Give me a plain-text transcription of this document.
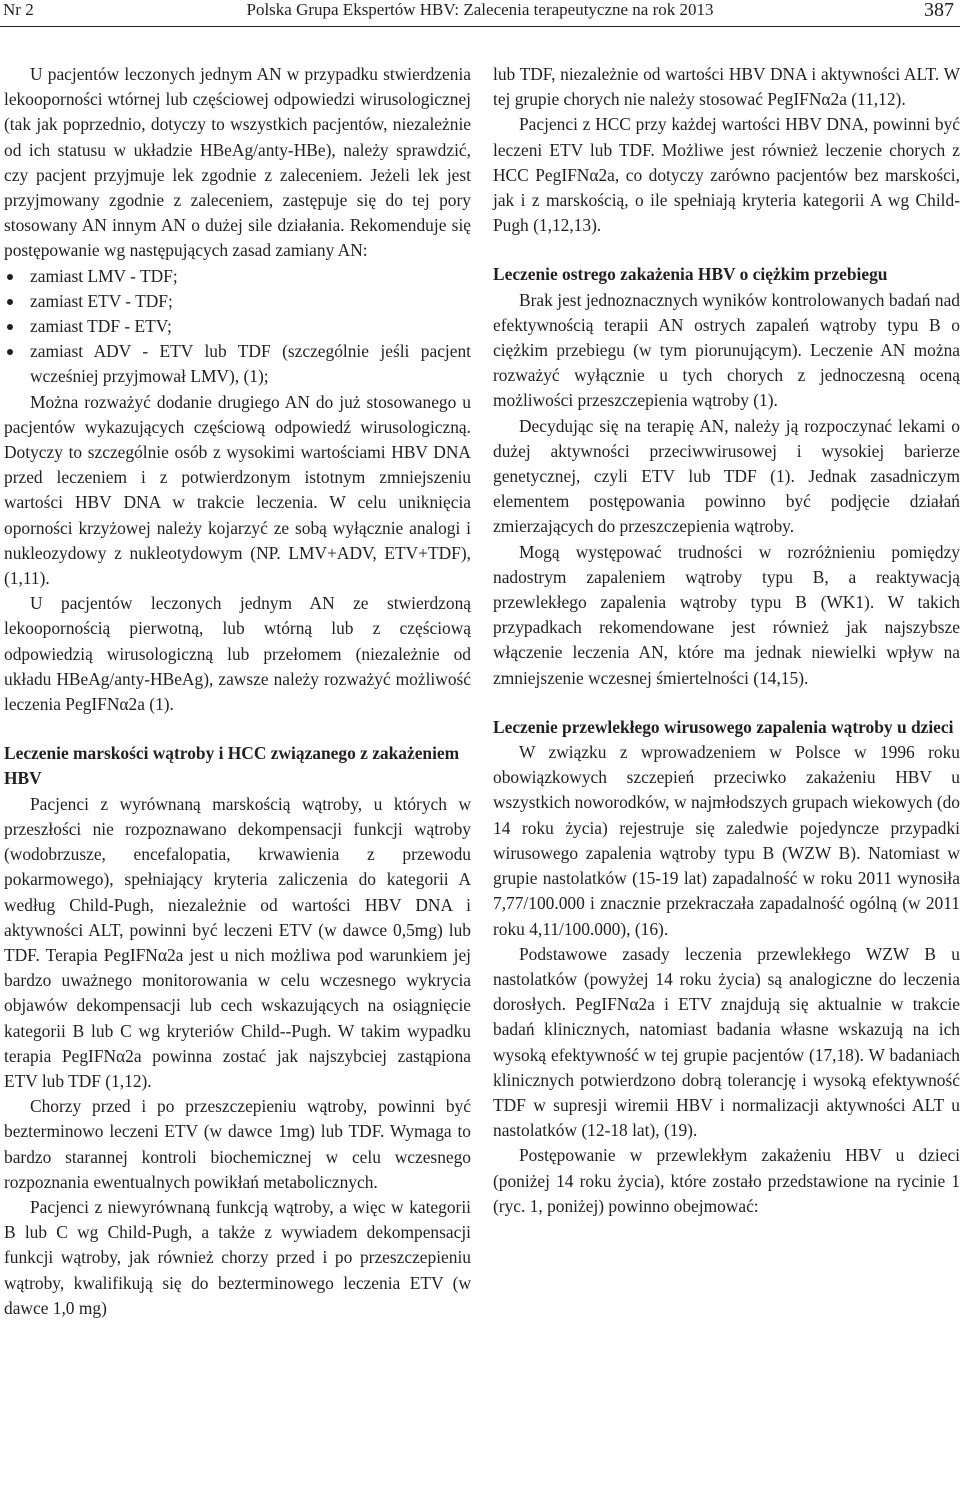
Nr 2	Polska Grupa Ekspertów HBV: Zalecenia terapeutyczne na rok 2013	387

U pacjentów leczonych jednym AN w przypadku stwierdzenia lekooporności wtórnej lub częściowej odpowiedzi wirusologicznej (tak jak poprzednio, dotyczy to wszystkich pacjentów, niezależnie od ich statusu w układzie HBeAg/anty-HBe), należy sprawdzić, czy pacjent przyjmuje lek zgodnie z zaleceniem. Jeżeli lek jest przyjmowany zgodnie z zaleceniem, zastępuje się do tej pory stosowany AN innym AN o dużej sile działania. Rekomenduje się postępowanie wg następujących zasad zamiany AN:

zamiast LMV - TDF;
zamiast ETV - TDF;
zamiast TDF - ETV;
zamiast ADV - ETV lub TDF (szczególnie jeśli pacjent wcześniej przyjmował LMV), (1);

Można rozważyć dodanie drugiego AN do już stosowanego u pacjentów wykazujących częściową odpowiedź wirusologiczną. Dotyczy to szczególnie osób z wysokimi wartościami HBV DNA przed leczeniem i z potwierdzonym istotnym zmniejszeniu wartości HBV DNA w trakcie leczenia. W celu uniknięcia oporności krzyżowej należy kojarzyć ze sobą wyłącznie analogi i nukleozydowy z nukleotydowym (NP. LMV+ADV, ETV+TDF), (1,11).

U pacjentów leczonych jednym AN ze stwierdzoną lekoopornością pierwotną, lub wtórną lub z częściową odpowiedzią wirusologiczną lub przełomem (niezależnie od układu HBeAg/anty-HBeAg), zawsze należy rozważyć możliwość leczenia PegIFNα2a (1).

Leczenie marskości wątroby i HCC związanego z zakażeniem HBV

Pacjenci z wyrównaną marskością wątroby, u których w przeszłości nie rozpoznawano dekompensacji funkcji wątroby (wodobrzusze, encefalopatia, krwawienia z przewodu pokarmowego), spełniający kryteria zaliczenia do kategorii A według Child-Pugh, niezależnie od wartości HBV DNA i aktywności ALT, powinni być leczeni ETV (w dawce 0,5mg) lub TDF. Terapia PegIFNα2a jest u nich możliwa pod warunkiem jej bardzo uważnego monitorowania w celu wczesnego wykrycia objawów dekompensacji lub cech wskazujących na osiągnięcie kategorii B lub C wg kryteriów Child--Pugh. W takim wypadku terapia PegIFNα2a powinna zostać jak najszybciej zastąpiona ETV lub TDF (1,12).

Chorzy przed i po przeszczepieniu wątroby, powinni być bezterminowo leczeni ETV (w dawce 1mg) lub TDF. Wymaga to bardzo starannej kontroli biochemicznej w celu wczesnego rozpoznania ewentualnych powikłań metabolicznych.

Pacjenci z niewyrównaną funkcją wątroby, a więc w kategorii B lub C wg Child-Pugh, a także z wywiadem dekompensacji funkcji wątroby, jak również chorzy przed i po przeszczepieniu wątroby, kwalifikują się do bezterminowego leczenia ETV (w dawce 1,0 mg)

lub TDF, niezależnie od wartości HBV DNA i aktywności ALT. W tej grupie chorych nie należy stosować PegIFNα2a (11,12).

Pacjenci z HCC przy każdej wartości HBV DNA, powinni być leczeni ETV lub TDF. Możliwe jest również leczenie chorych z HCC PegIFNα2a, co dotyczy zarówno pacjentów bez marskości, jak i z marskością, o ile spełniają kryteria kategorii A wg Child-Pugh (1,12,13).

Leczenie ostrego zakażenia HBV o ciężkim przebiegu

Brak jest jednoznacznych wyników kontrolowanych badań nad efektywnością terapii AN ostrych zapaleń wątroby typu B o ciężkim przebiegu (w tym piorunującym). Leczenie AN można rozważyć wyłącznie u tych chorych z jednoczesną oceną możliwości przeszczepienia wątroby (1).

Decydując się na terapię AN, należy ją rozpoczynać lekami o dużej aktywności przeciwwirusowej i wysokiej barierze genetycznej, czyli ETV lub TDF (1). Jednak zasadniczym elementem postępowania powinno być podjęcie działań zmierzających do przeszczepienia wątroby.

Mogą występować trudności w rozróżnieniu pomiędzy nadostrym zapaleniem wątroby typu B, a reaktywacją przewlekłego zapalenia wątroby typu B (WK1). W takich przypadkach rekomendowane jest również jak najszybsze włączenie leczenia AN, które ma jednak niewielki wpływ na zmniejszenie wczesnej śmiertelności (14,15).

Leczenie przewlekłego wirusowego zapalenia wątroby u dzieci

W związku z wprowadzeniem w Polsce w 1996 roku obowiązkowych szczepień przeciwko zakażeniu HBV u wszystkich noworodków, w najmłodszych grupach wiekowych (do 14 roku życia) rejestruje się zaledwie pojedyncze przypadki wirusowego zapalenia wątroby typu B (WZW B). Natomiast w grupie nastolatków (15-19 lat) zapadalność w roku 2011 wynosiła 7,77/100.000 i znacznie przekraczała zapadalność ogólną (w 2011 roku 4,11/100.000), (16).

Podstawowe zasady leczenia przewlekłego WZW B u nastolatków (powyżej 14 roku życia) są analogiczne do leczenia dorosłych. PegIFNα2a i ETV znajdują się aktualnie w trakcie badań klinicznych, natomiast badania własne wskazują na ich wysoką efektywność w tej grupie pacjentów (17,18). W badaniach klinicznych potwierdzono dobrą tolerancję i wysoką efektywność TDF w supresji wiremii HBV i normalizacji aktywności ALT u nastolatków (12-18 lat), (19).

Postępowanie w przewlekłym zakażeniu HBV u dzieci (poniżej 14 roku życia), które zostało przedstawione na rycinie 1 (ryc. 1, poniżej) powinno obejmować:
